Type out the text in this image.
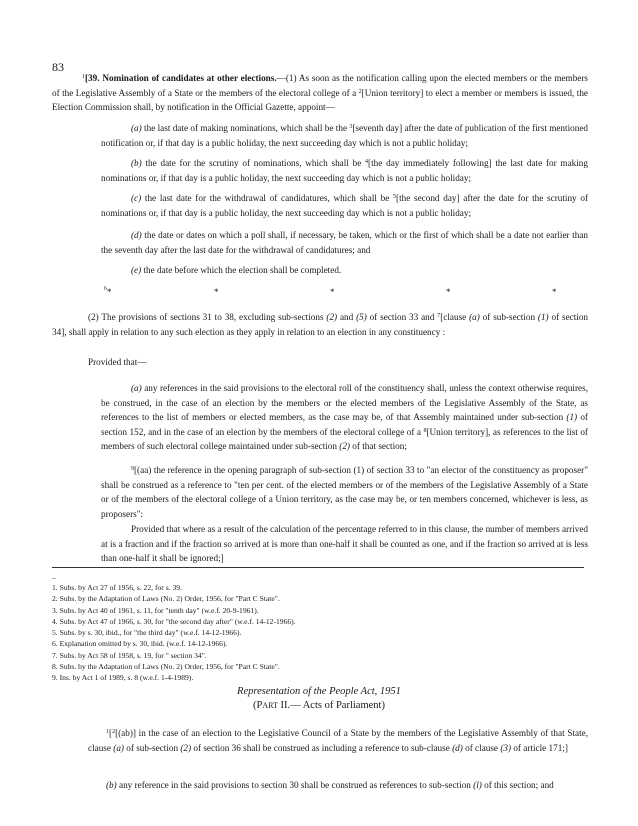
83

$^1$[39. Nomination of candidates at other elections.—(1) As soon as the notification calling upon the elected members or the members of the Legislative Assembly of a State or the members of the electoral college of a $^2$[Union territory] to elect a member or members is issued, the Election Commission shall, by notification in the Official Gazette, appoint—

(a) the last date of making nominations, which shall be the $^3$[seventh day] after the date of publication of the first mentioned notification or, if that day is a public holiday, the next succeeding day which is not a public holiday;

(b) the date for the scrutiny of nominations, which shall be $^4$[the day immediately following] the last date for making nominations or, if that day is a public holiday, the next succeeding day which is not a public holiday;

(c) the last date for the withdrawal of candidatures, which shall be $^5$[the second day] after the date for the scrutiny of nominations or, if that day is a public holiday, the next succeeding day which is not a public holiday;

(d) the date or dates on which a poll shall, if necessary, be taken, which or the first of which shall be a date not earlier than the seventh day after the last date for the withdrawal of candidatures; and

(e) the date before which the election shall be completed.

$^6$*	*	*	*	*

(2) The provisions of sections 31 to 38, excluding sub-sections (2) and (5) of section 33 and $^7$[clause (a) of sub-section (1) of section 34], shall apply in relation to any such election as they apply in relation to an election in any constituency :

Provided that—

(a) any references in the said provisions to the electoral roll of the constituency shall, unless the context otherwise requires, be construed, in the case of an election by the members or the elected members of the Legislative Assembly of the State, as references to the list of members or elected members, as the case may be, of that Assembly maintained under sub-section (1) of section 152, and in the case of an election by the members of the electoral college of a $^8$[Union territory], as references to the list of members of such electoral college maintained under sub-section (2) of that section;

$^9$[(aa) the reference in the opening paragraph of sub-section (1) of section 33 to "an elector of the constituency as proposer" shall be construed as a reference to "ten per cent. of the elected members or of the members of the Legislative Assembly of a State or of the members of the electoral college of a Union territory, as the case may be, or ten members concerned, whichever is less, as proposers":

Provided that where as a result of the calculation of the percentage referred to in this clause, the number of members arrived at is a fraction and if the fraction so arrived at is more than one-half it shall be counted as one, and if the fraction so arrived at is less than one-half it shall be ignored;]

_
1. Subs. by Act 27 of 1956, s. 22, for s. 39.
2. Subs. by the Adaptation of Laws (No. 2) Order, 1956, for "Part C State".
3. Subs. by Act 40 of 1961, s. 11, for "tenth day" (w.e.f. 20-9-1961).
4. Subs. by Act 47 of 1966, s. 30, for "the second day after" (w.e.f. 14-12-1966).
5. Subs. by s. 30, ibid., for "the third day" (w.e.f. 14-12-1966).
6. Explanation omitted by s. 30, ibid. (w.e.f. 14-12-1966).
7. Subs. by Act 58 of 1958, s. 19, for " section 34".
8. Subs. by the Adaptation of Laws (No. 2) Order, 1956, for "Part C State".
9. Ins. by Act 1 of 1989, s. 8 (w.e.f. 1-4-1989).
Representation of the People Act, 1951
(PART II.— Acts of Parliament)

$^1$[$^2$[(ab)] in the case of an election to the Legislative Council of a State by the members of the Legislative Assembly of that State, clause (a) of sub-section (2) of section 36 shall be construed as including a reference to sub-clause (d) of clause (3) of article 171;]

(b) any reference in the said provisions to section 30 shall be construed as references to sub-section (l) of this section; and
